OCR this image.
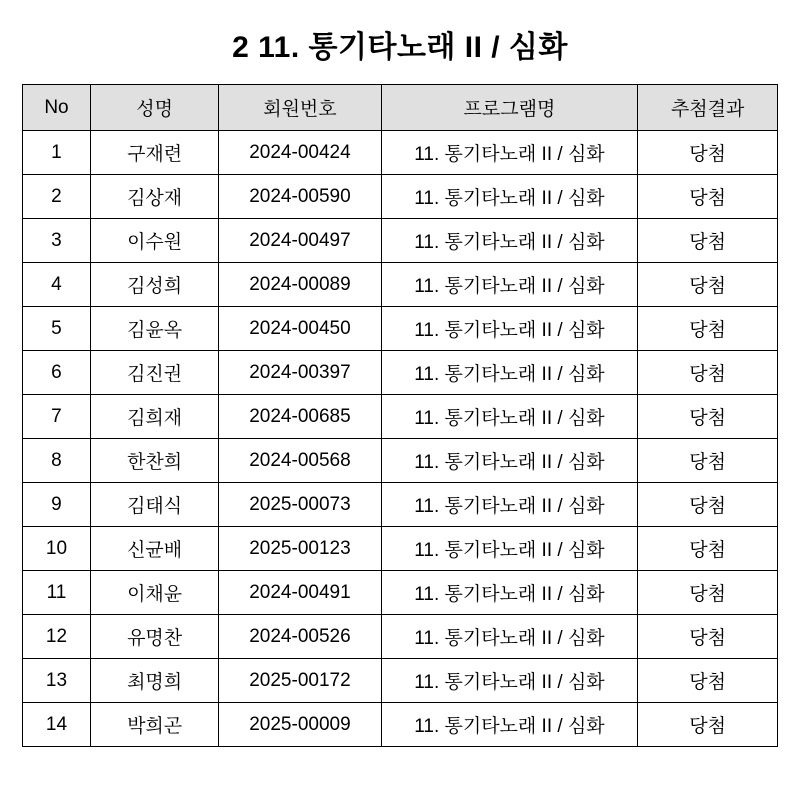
2 11. 통기타노래 II / 심화
No	성명	회원번호	프로그램명	추첨결과
1	구재련	2024-00424	11. 통기타노래 II / 심화	당첨
2	김상재	2024-00590	11. 통기타노래 II / 심화	당첨
3	이수원	2024-00497	11. 통기타노래 II / 심화	당첨
4	김성희	2024-00089	11. 통기타노래 II / 심화	당첨
5	김윤옥	2024-00450	11. 통기타노래 II / 심화	당첨
6	김진권	2024-00397	11. 통기타노래 II / 심화	당첨
7	김희재	2024-00685	11. 통기타노래 II / 심화	당첨
8	한찬희	2024-00568	11. 통기타노래 II / 심화	당첨
9	김태식	2025-00073	11. 통기타노래 II / 심화	당첨
10	신균배	2025-00123	11. 통기타노래 II / 심화	당첨
11	이채윤	2024-00491	11. 통기타노래 II / 심화	당첨
12	유명찬	2024-00526	11. 통기타노래 II / 심화	당첨
13	최명희	2025-00172	11. 통기타노래 II / 심화	당첨
14	박희곤	2025-00009	11. 통기타노래 II / 심화	당첨
